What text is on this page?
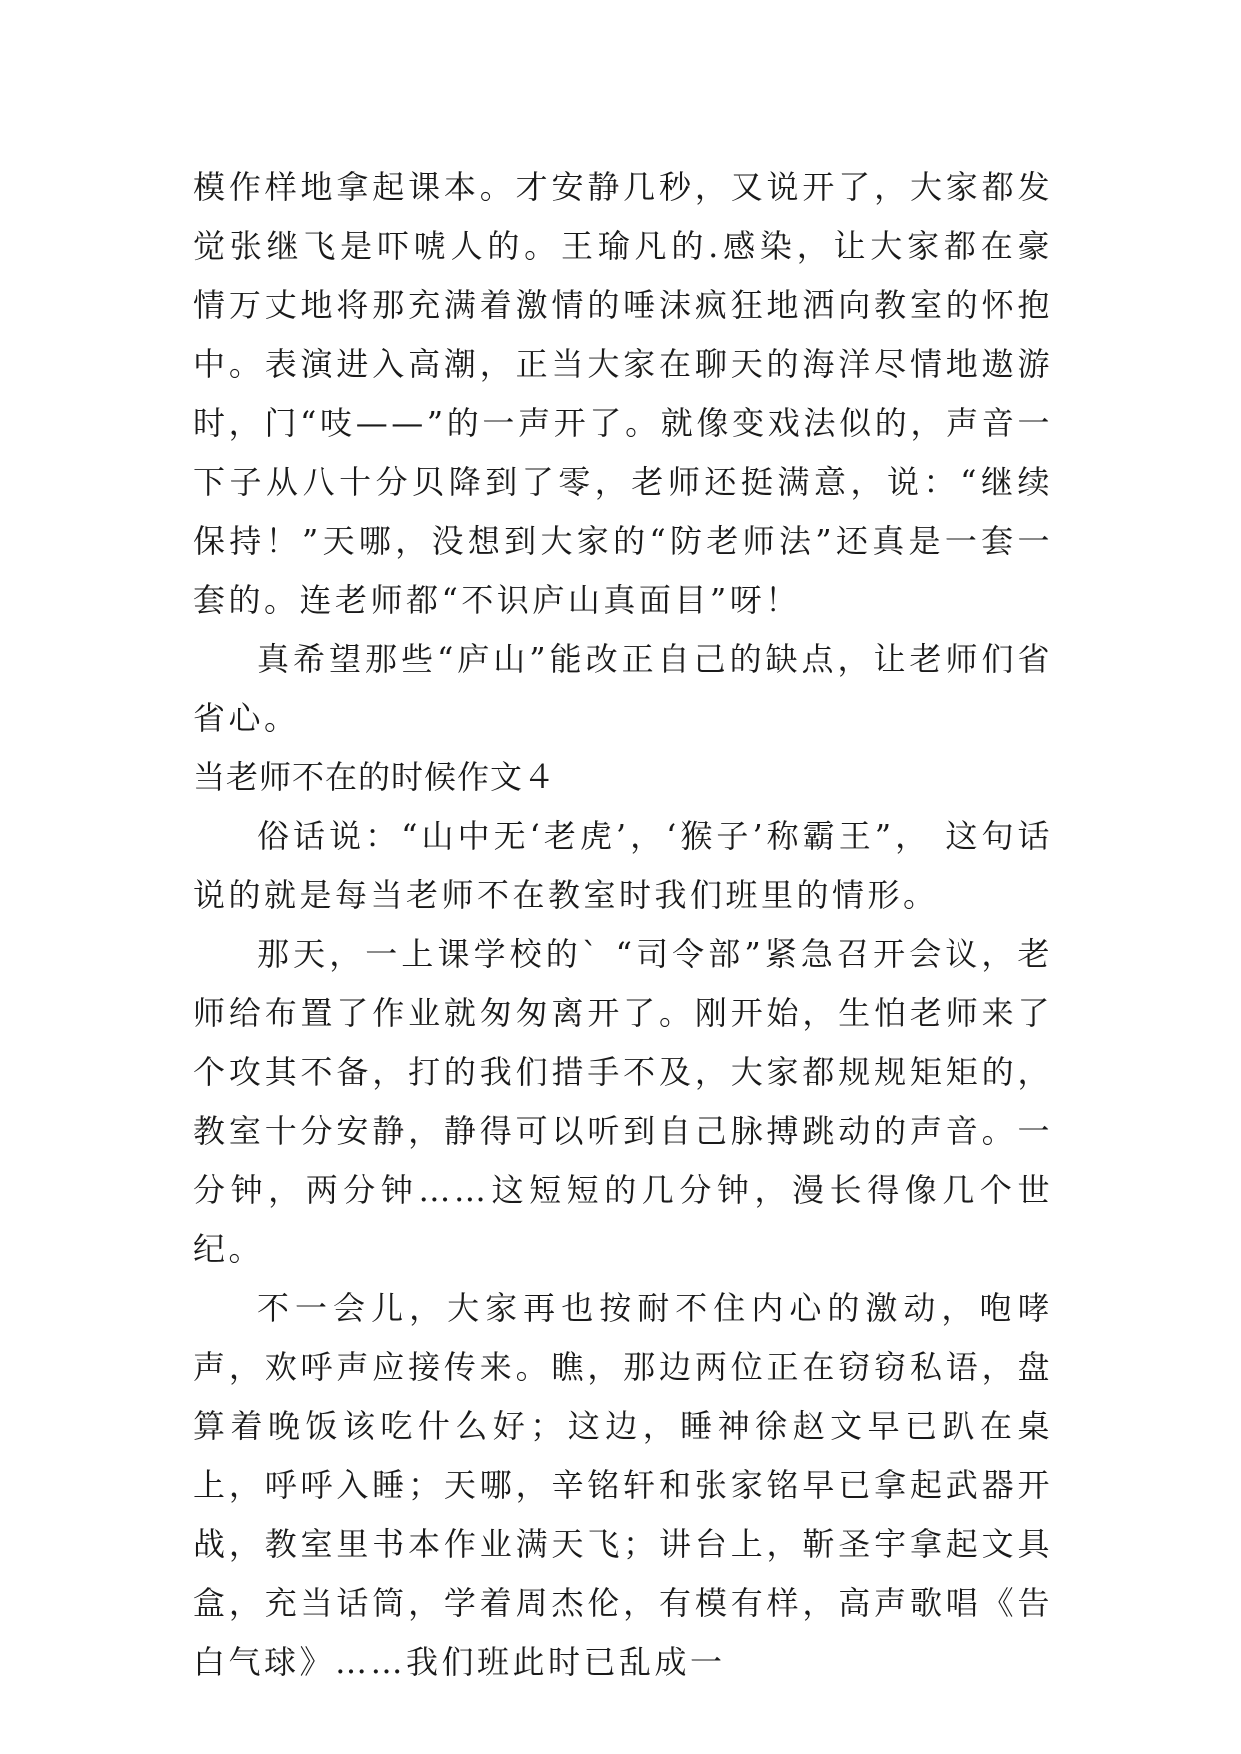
模作样地拿起课本。才安静几秒，又说开了，大家都发觉张继飞是吓唬人的。王瑜凡的.感染，让大家都在豪情万丈地将那充满着激情的唾沫疯狂地洒向教室的怀抱中。表演进入高潮，正当大家在聊天的海洋尽情地遨游时，门“吱——”的一声开了。就像变戏法似的，声音一下子从八十分贝降到了零，老师还挺满意，说：“继续保持！”天哪，没想到大家的“防老师法”还真是一套一套的。连老师都“不识庐山真面目”呀！

真希望那些“庐山”能改正自己的缺点，让老师们省省心。

当老师不在的时候作文４

俗话说：“山中无‘老虎’，‘猴子’称霸王”， 这句话说的就是每当老师不在教室时我们班里的情形。

那天，一上课学校的` “司令部”紧急召开会议，老师给布置了作业就匆匆离开了。刚开始，生怕老师来了个攻其不备，打的我们措手不及，大家都规规矩矩的，教室十分安静，静得可以听到自己脉搏跳动的声音。一分钟，两分钟……这短短的几分钟，漫长得像几个世纪。

不一会儿，大家再也按耐不住内心的激动，咆哮声，欢呼声应接传来。瞧，那边两位正在窃窃私语，盘算着晚饭该吃什么好；这边，睡神徐赵文早已趴在桌上，呼呼入睡；天哪，辛铭轩和张家铭早已拿起武器开战，教室里书本作业满天飞；讲台上，靳圣宇拿起文具盒，充当话筒，学着周杰伦，有模有样，高声歌唱《告白气球》……我们班此时已乱成一
